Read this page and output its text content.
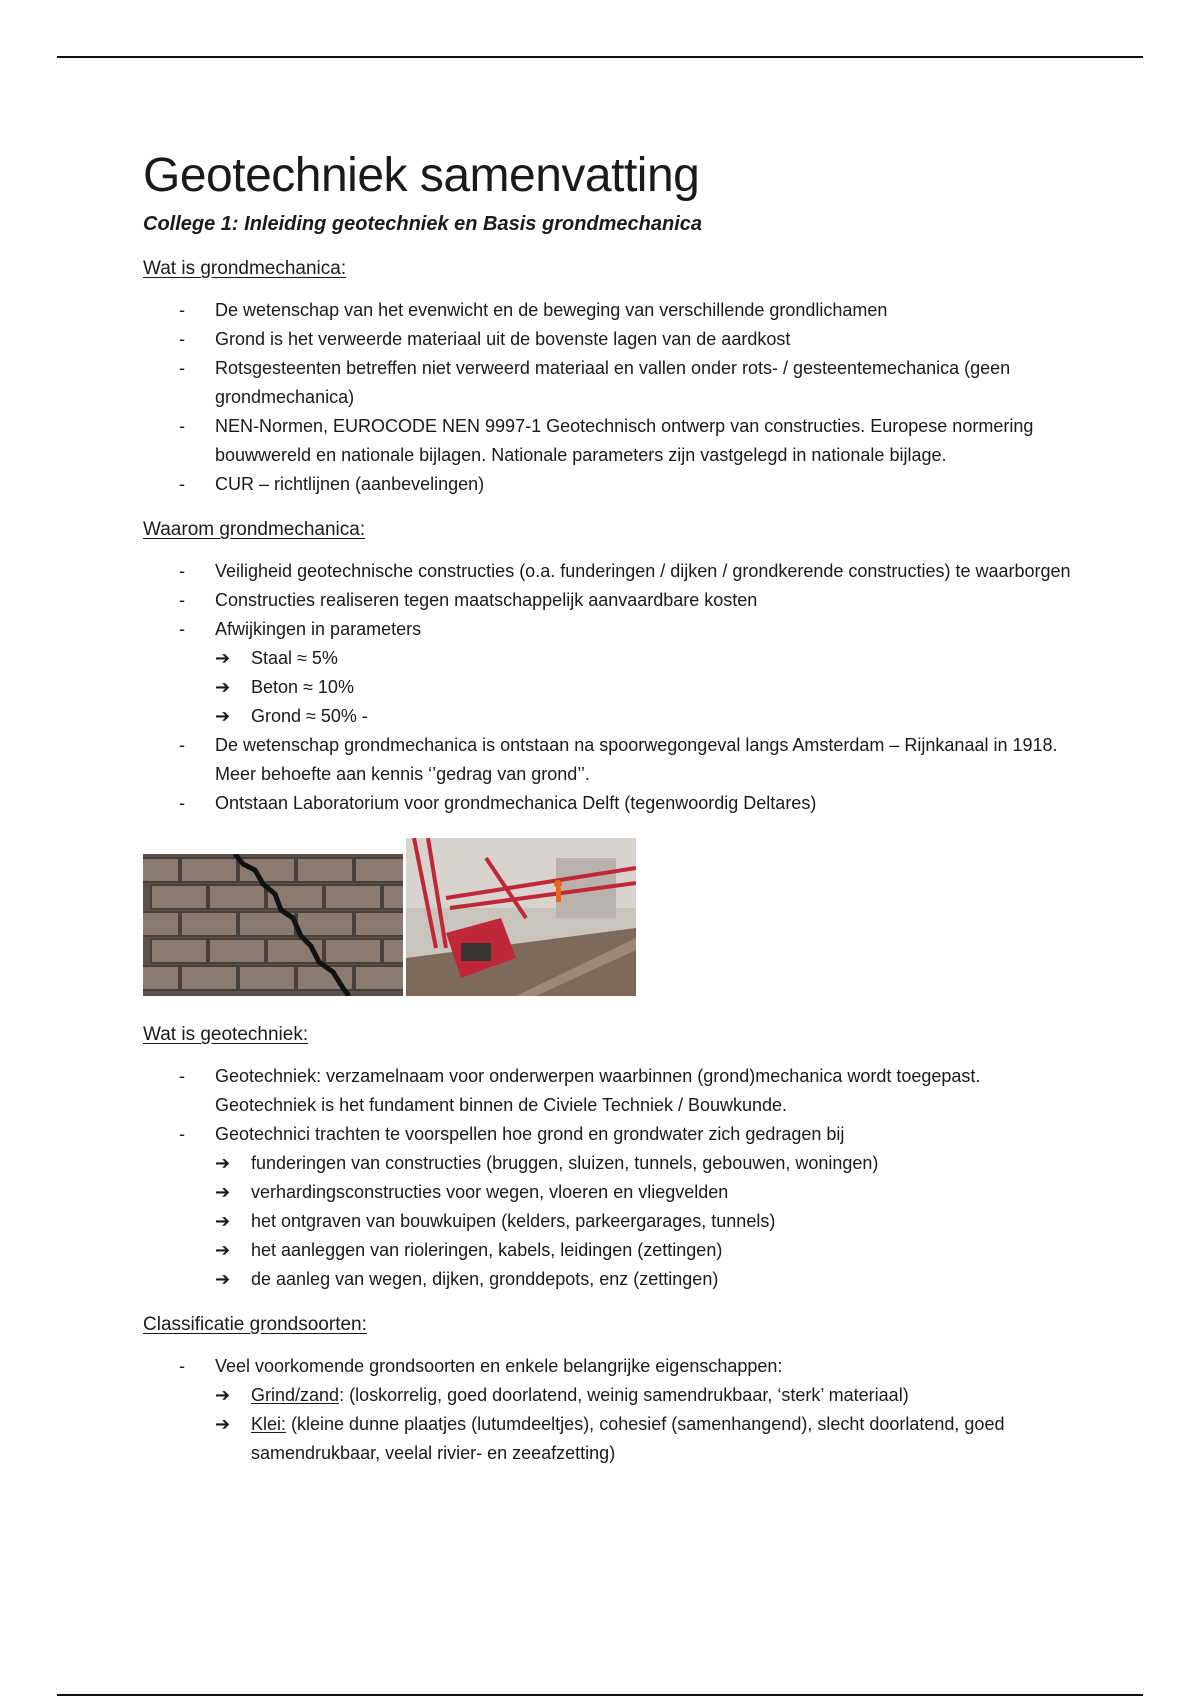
Geotechniek samenvatting
College 1: Inleiding geotechniek en Basis grondmechanica
Wat is grondmechanica:
- De wetenschap van het evenwicht en de beweging van verschillende grondlichamen
- Grond is het verweerde materiaal uit de bovenste lagen van de aardkost
- Rotsgesteenten betreffen niet verweerd materiaal en vallen onder rots- / gesteentemechanica (geen grondmechanica)
- NEN-Normen, EUROCODE NEN 9997-1 Geotechnisch ontwerp van constructies. Europese normering bouwwereld en nationale bijlagen. Nationale parameters zijn vastgelegd in nationale bijlage.
- CUR – richtlijnen (aanbevelingen)
Waarom grondmechanica:
- Veiligheid geotechnische constructies (o.a. funderingen / dijken / grondkerende constructies) te waarborgen
- Constructies realiseren tegen maatschappelijk aanvaardbare kosten
- Afwijkingen in parameters
➔ Staal ≈ 5%
➔ Beton ≈ 10%
➔ Grond ≈ 50% -
- De wetenschap grondmechanica is ontstaan na spoorwegongeval langs Amsterdam – Rijnkanaal in 1918. Meer behoefte aan kennis ‘’gedrag van grond’’.
- Ontstaan Laboratorium voor grondmechanica Delft (tegenwoordig Deltares)
Wat is geotechniek:
- Geotechniek: verzamelnaam voor onderwerpen waarbinnen (grond)mechanica wordt toegepast. Geotechniek is het fundament binnen de Civiele Techniek / Bouwkunde.
- Geotechnici trachten te voorspellen hoe grond en grondwater zich gedragen bij
➔ funderingen van constructies (bruggen, sluizen, tunnels, gebouwen, woningen)
➔ verhardingsconstructies voor wegen, vloeren en vliegvelden
➔ het ontgraven van bouwkuipen (kelders, parkeergarages, tunnels)
➔ het aanleggen van rioleringen, kabels, leidingen (zettingen)
➔ de aanleg van wegen, dijken, gronddepots, enz (zettingen)
Classificatie grondsoorten:
- Veel voorkomende grondsoorten en enkele belangrijke eigenschappen:
➔ Grind/zand: (loskorrelig, goed doorlatend, weinig samendrukbaar, ‘sterk’ materiaal)
➔ Klei: (kleine dunne plaatjes (lutumdeeltjes), cohesief (samenhangend), slecht doorlatend, goed samendrukbaar, veelal rivier- en zeeafzetting)
